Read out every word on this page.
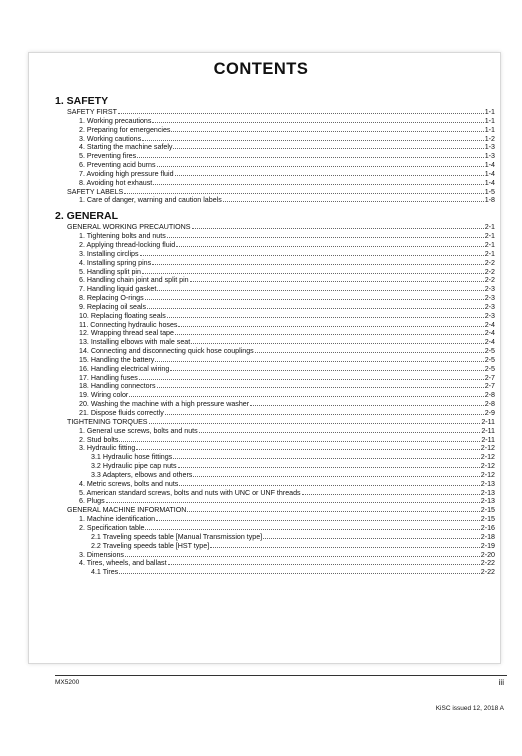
CONTENTS
1. SAFETY
SAFETY FIRST	1-1
1. Working precautions	1-1
2. Preparing for emergencies	1-1
3. Working cautions	1-2
4. Starting the machine safely	1-3
5. Preventing fires	1-3
6. Preventing acid burns	1-4
7. Avoiding high pressure fluid	1-4
8. Avoiding hot exhaust	1-4
SAFETY LABELS	1-5
1. Care of danger, warning and caution labels	1-8
2. GENERAL
GENERAL WORKING PRECAUTIONS	2-1
1. Tightening bolts and nuts	2-1
2. Applying thread-locking fluid	2-1
3. Installing circlips	2-1
4. Installing spring pins	2-2
5. Handling split pin	2-2
6. Handling chain joint and split pin	2-2
7. Handling liquid gasket	2-3
8. Replacing O-rings	2-3
9. Replacing oil seals	2-3
10. Replacing floating seals	2-3
11. Connecting hydraulic hoses	2-4
12. Wrapping thread seal tape	2-4
13. Installing elbows with male seat	2-4
14. Connecting and disconnecting quick hose couplings	2-5
15. Handling the battery	2-5
16. Handling electrical wiring	2-5
17. Handling fuses	2-7
18. Handling connectors	2-7
19. Wiring color	2-8
20. Washing the machine with a high pressure washer	2-8
21. Dispose fluids correctly	2-9
TIGHTENING TORQUES	2-11
1. General use screws, bolts and nuts	2-11
2. Stud bolts	2-11
3. Hydraulic fitting	2-12
3.1 Hydraulic hose fittings	2-12
3.2 Hydraulic pipe cap nuts	2-12
3.3 Adapters, elbows and others	2-12
4. Metric screws, bolts and nuts	2-13
5. American standard screws, bolts and nuts with UNC or UNF threads	2-13
6. Plugs	2-13
GENERAL MACHINE INFORMATION	2-15
1. Machine identification	2-15
2. Specification table	2-16
2.1 Traveling speeds table [Manual Transmission type]	2-18
2.2 Traveling speeds table [HST type]	2-19
3. Dimensions	2-20
4. Tires, wheels, and ballast	2-22
4.1 Tires	2-22
MX5200	iii
KiSC issued 12, 2018 A
